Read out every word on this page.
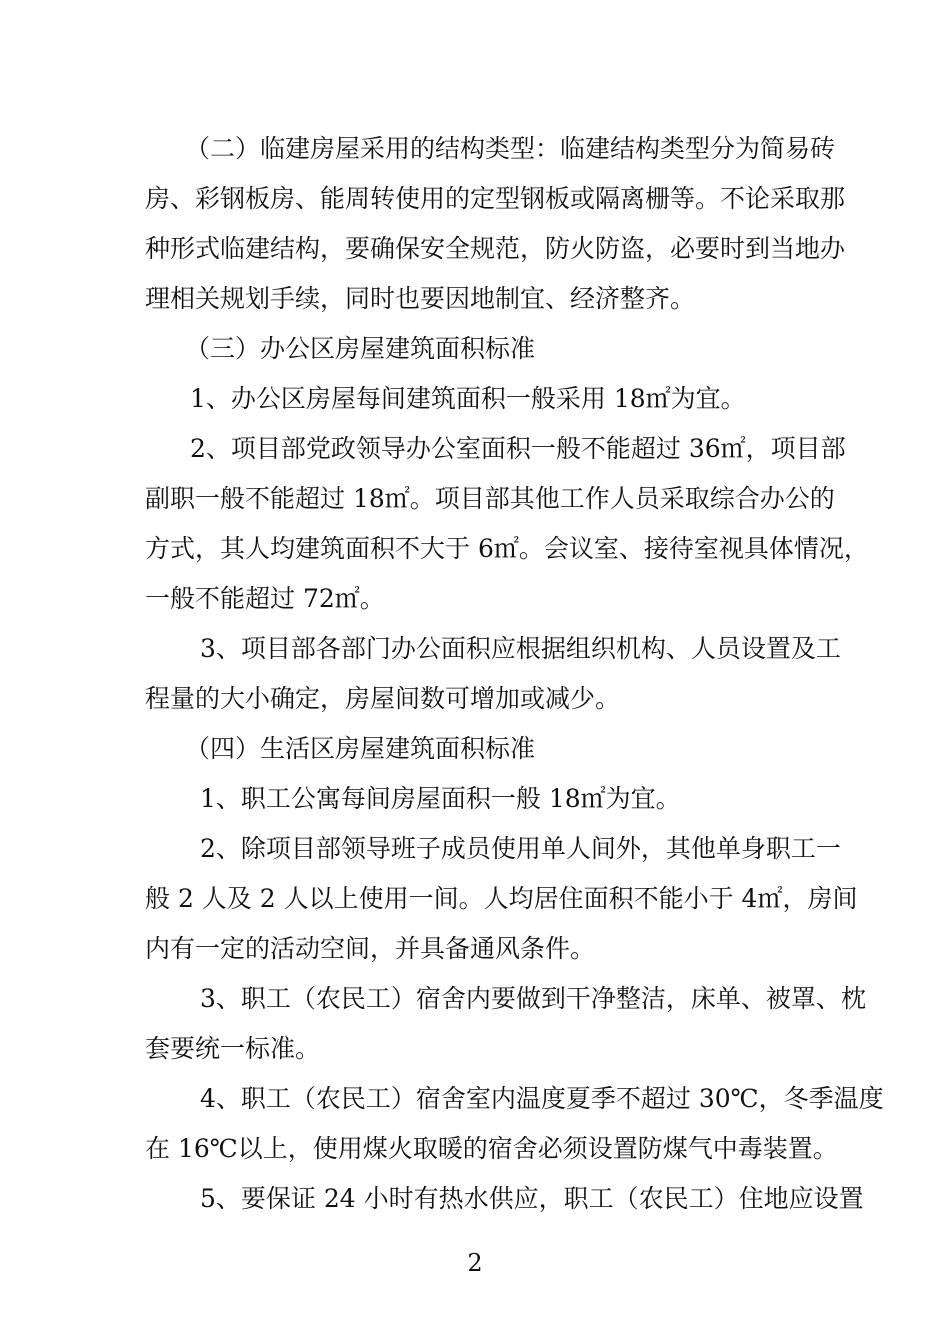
（二）临建房屋采用的结构类型：临建结构类型分为简易砖
房、彩钢板房、能周转使用的定型钢板或隔离栅等。不论采取那
种形式临建结构，要确保安全规范，防火防盗，必要时到当地办
理相关规划手续，同时也要因地制宜、经济整齐。
（三）办公区房屋建筑面积标准
1、办公区房屋每间建筑面积一般采用 18㎡为宜。
2、项目部党政领导办公室面积一般不能超过 36㎡，项目部
副职一般不能超过 18㎡。项目部其他工作人员采取综合办公的
方式，其人均建筑面积不大于 6㎡。会议室、接待室视具体情况，
一般不能超过 72㎡。
3、项目部各部门办公面积应根据组织机构、人员设置及工
程量的大小确定，房屋间数可增加或减少。
（四）生活区房屋建筑面积标准
1、职工公寓每间房屋面积一般 18㎡为宜。
2、除项目部领导班子成员使用单人间外，其他单身职工一
般 2 人及 2 人以上使用一间。人均居住面积不能小于 4㎡，房间
内有一定的活动空间，并具备通风条件。
3、职工（农民工）宿舍内要做到干净整洁，床单、被罩、枕
套要统一标准。
4、职工（农民工）宿舍室内温度夏季不超过 30℃，冬季温度
在 16℃以上，使用煤火取暖的宿舍必须设置防煤气中毒装置。
5、要保证 24 小时有热水供应，职工（农民工）住地应设置
2
